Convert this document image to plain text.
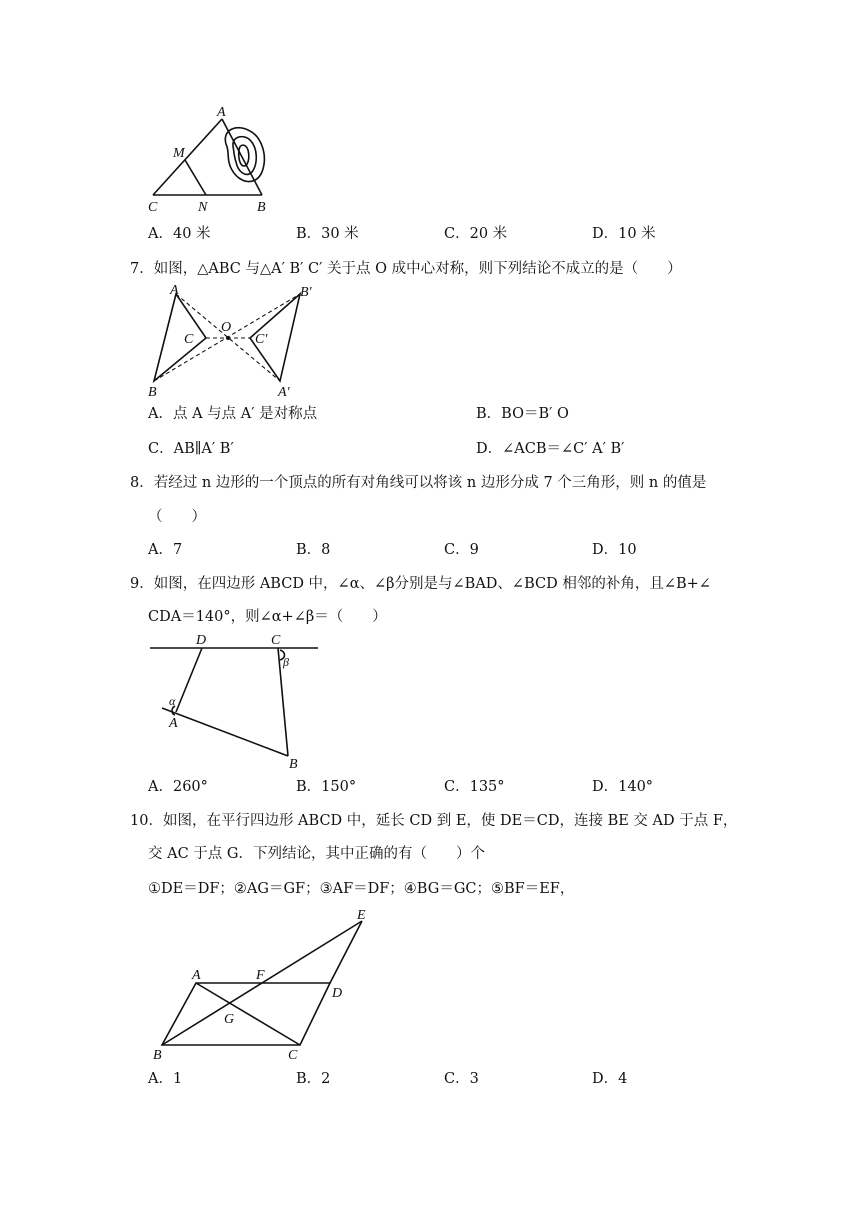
A
M
C	N	B
A．40 米	B．30 米	C．20 米	D．10 米
7．如图，△ABC 与△A′ B′ C′ 关于点 O 成中心对称，则下列结论不成立的是（　　）
A	B′
O
C	C′
B	A′
A．点 A 与点 A′ 是对称点	B．BO＝B′ O
C．AB∥A′ B′	D．∠ACB＝∠C′ A′ B′
8．若经过 n 边形的一个顶点的所有对角线可以将该 n 边形分成 7 个三角形，则 n 的值是
（　　）
A．7	B．8	C．9	D．10
9．如图，在四边形 ABCD 中，∠α、∠β分别是与∠BAD、∠BCD 相邻的补角，且∠B+∠
CDA＝140°，则∠α+∠β＝（　　）
D	C
β
α
A
B
A．260°	B．150°	C．135°	D．140°
10．如图，在平行四边形 ABCD 中，延长 CD 到 E，使 DE＝CD，连接 BE 交 AD 于点 F，
交 AC 于点 G．下列结论，其中正确的有（　　）个
①DE＝DF；②AG＝GF；③AF＝DF；④BG＝GC；⑤BF＝EF，
A	F
E
D
G
B	C
A．1	B．2	C．3	D．4
